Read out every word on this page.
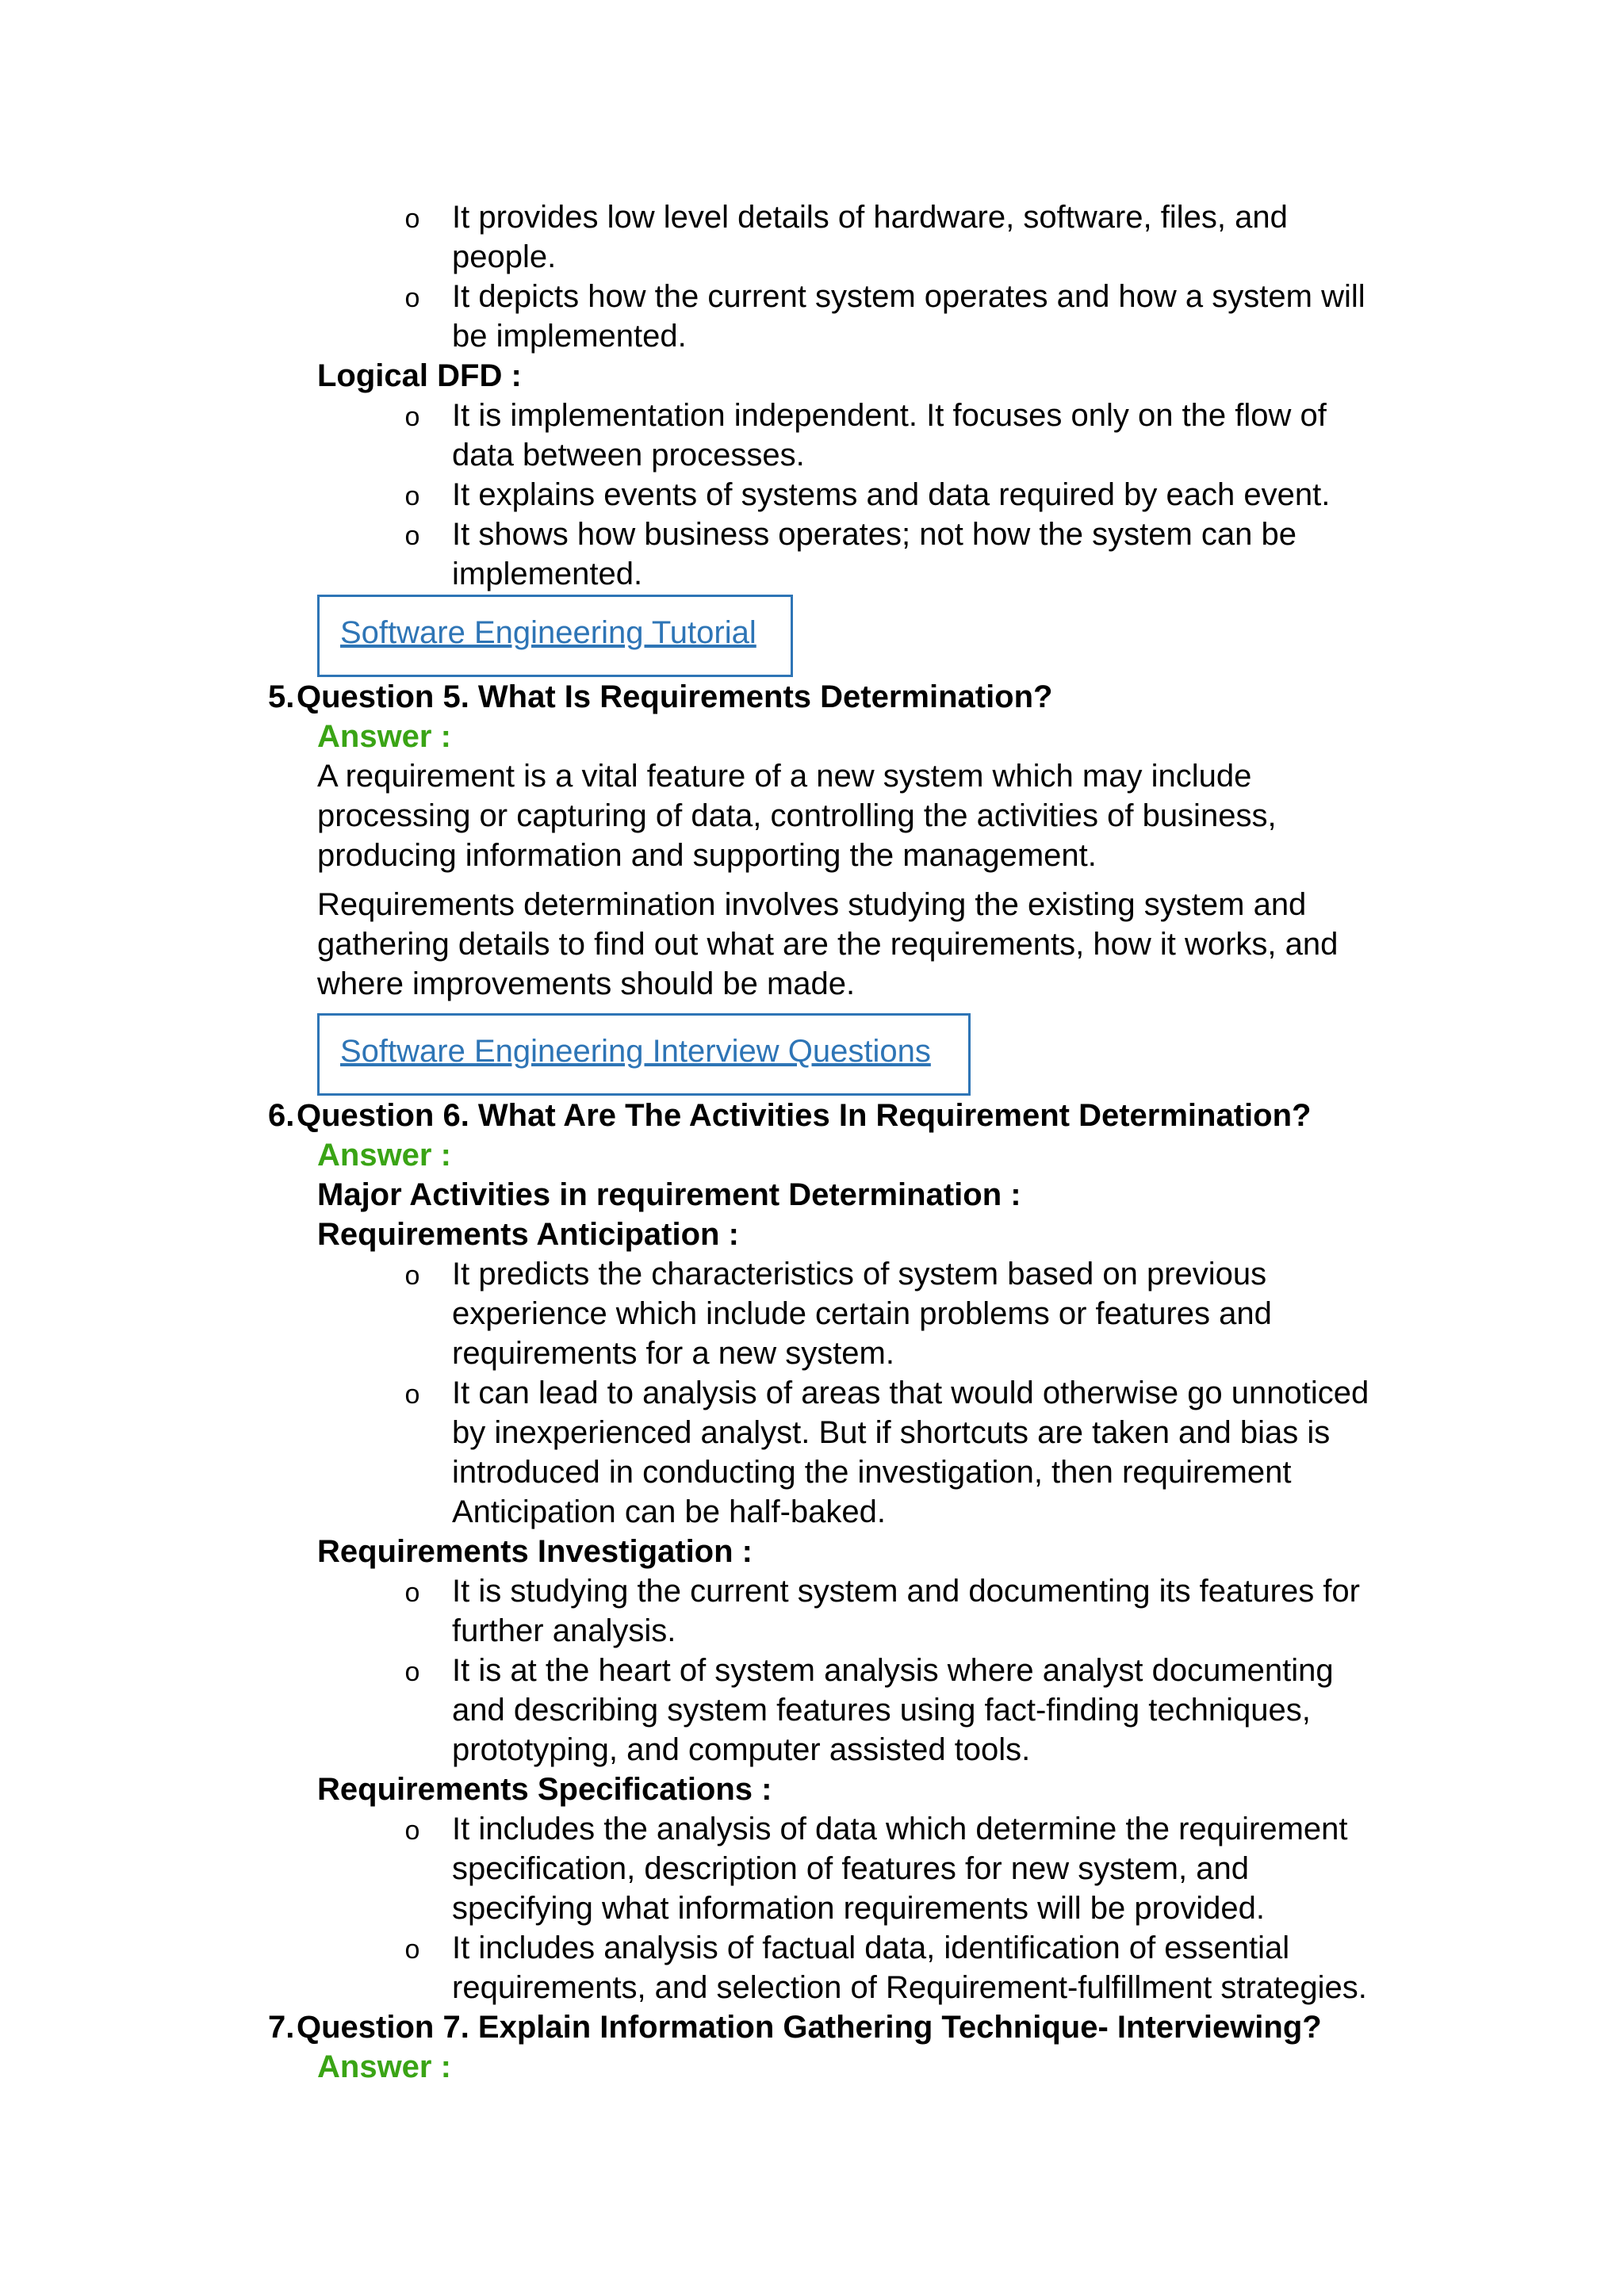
o It provides low level details of hardware, software, files, and
people.
o It depicts how the current system operates and how a system will
be implemented.
Logical DFD :
o It is implementation independent. It focuses only on the flow of
data between processes.
o It explains events of systems and data required by each event.
o It shows how business operates; not how the system can be
implemented.
Software Engineering Tutorial
5. Question 5. What Is Requirements Determination?
Answer :
A requirement is a vital feature of a new system which may include
processing or capturing of data, controlling the activities of business,
producing information and supporting the management.
Requirements determination involves studying the existing system and
gathering details to find out what are the requirements, how it works, and
where improvements should be made.
Software Engineering Interview Questions
6. Question 6. What Are The Activities In Requirement Determination?
Answer :
Major Activities in requirement Determination :
Requirements Anticipation :
o It predicts the characteristics of system based on previous
experience which include certain problems or features and
requirements for a new system.
o It can lead to analysis of areas that would otherwise go unnoticed
by inexperienced analyst. But if shortcuts are taken and bias is
introduced in conducting the investigation, then requirement
Anticipation can be half-baked.
Requirements Investigation :
o It is studying the current system and documenting its features for
further analysis.
o It is at the heart of system analysis where analyst documenting
and describing system features using fact-finding techniques,
prototyping, and computer assisted tools.
Requirements Specifications :
o It includes the analysis of data which determine the requirement
specification, description of features for new system, and
specifying what information requirements will be provided.
o It includes analysis of factual data, identification of essential
requirements, and selection of Requirement-fulfillment strategies.
7. Question 7. Explain Information Gathering Technique- Interviewing?
Answer :
